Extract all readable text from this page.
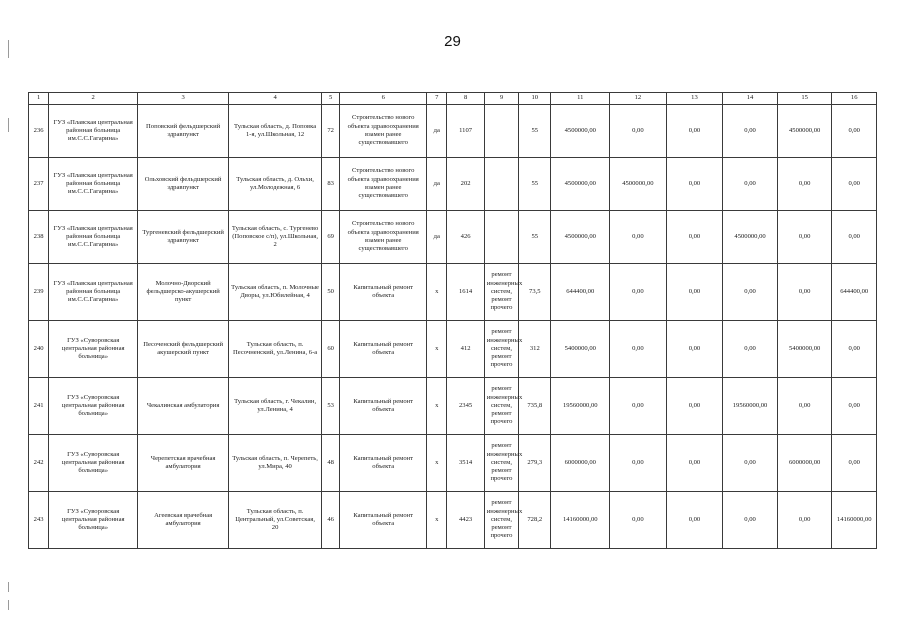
29
1	2	3	4	5	6	7	8	9	10	11	12	13	14	15	16
236	ГУЗ «Плавская центральная районная больница им.С.С.Гагарина»	Поповский фельдшерский здравпункт	Тульская область, д. Поповка 1-я, ул.Школьная, 12	72	Строительство нового объекта здравоохранения взамен ранее существовавшего	да	1107		55	4500000,00	0,00	0,00	0,00	4500000,00	0,00
237	ГУЗ «Плавская центральная районная больница им.С.С.Гагарина»	Ольховский фельдшерский здравпункт	Тульская область, д. Ольхи, ул.Молодежная, 6	83	Строительство нового объекта здравоохранения взамен ранее существовавшего	да	202		55	4500000,00	4500000,00	0,00	0,00	0,00	0,00
238	ГУЗ «Плавская центральная районная больница им.С.С.Гагарина»	Тургеневский фельдшерский здравпункт	Тульская область, с. Тургенево (Поповское с/п), ул.Школьная, 2	69	Строительство нового объекта здравоохранения взамен ранее существовавшего	да	426		55	4500000,00	0,00	0,00	4500000,00	0,00	0,00
239	ГУЗ «Плавская центральная районная больница им.С.С.Гагарина»	Молочно-Дворский фельдшерско-акушерский пункт	Тульская область, п. Молочные Дворы, ул.Юбилейная, 4	50	Капитальный ремонт объекта	х	1614	ремонт инженерных систем, ремонт прочего	73,5	644400,00	0,00	0,00	0,00	0,00	644400,00
240	ГУЗ «Суворовская центральная районная больница»	Песоченский фельдшерский акушерский пункт	Тульская область, п. Песочненский, ул.Ленина, 6-а	60	Капитальный ремонт объекта	х	412	ремонт инженерных систем, ремонт прочего	312	5400000,00	0,00	0,00	0,00	5400000,00	0,00
241	ГУЗ «Суворовская центральная районная больница»	Чекалинская амбулатория	Тульская область, г. Чекалин, ул.Ленина, 4	53	Капитальный ремонт объекта	х	2345	ремонт инженерных систем, ремонт прочего	735,8	19560000,00	0,00	0,00	19560000,00	0,00	0,00
242	ГУЗ «Суворовская центральная районная больница»	Черепетская врачебная амбулатория	Тульская область, п. Черепеть, ул.Мира, 40	48	Капитальный ремонт объекта	х	3514	ремонт инженерных систем, ремонт прочего	279,3	6000000,00	0,00	0,00	0,00	6000000,00	0,00
243	ГУЗ «Суворовская центральная районная больница»	Агеевская врачебная амбулатория	Тульская область, п. Центральный, ул.Советская, 20	46	Капитальный ремонт объекта	х	4423	ремонт инженерных систем, ремонт прочего	728,2	14160000,00	0,00	0,00	0,00	0,00	14160000,00
